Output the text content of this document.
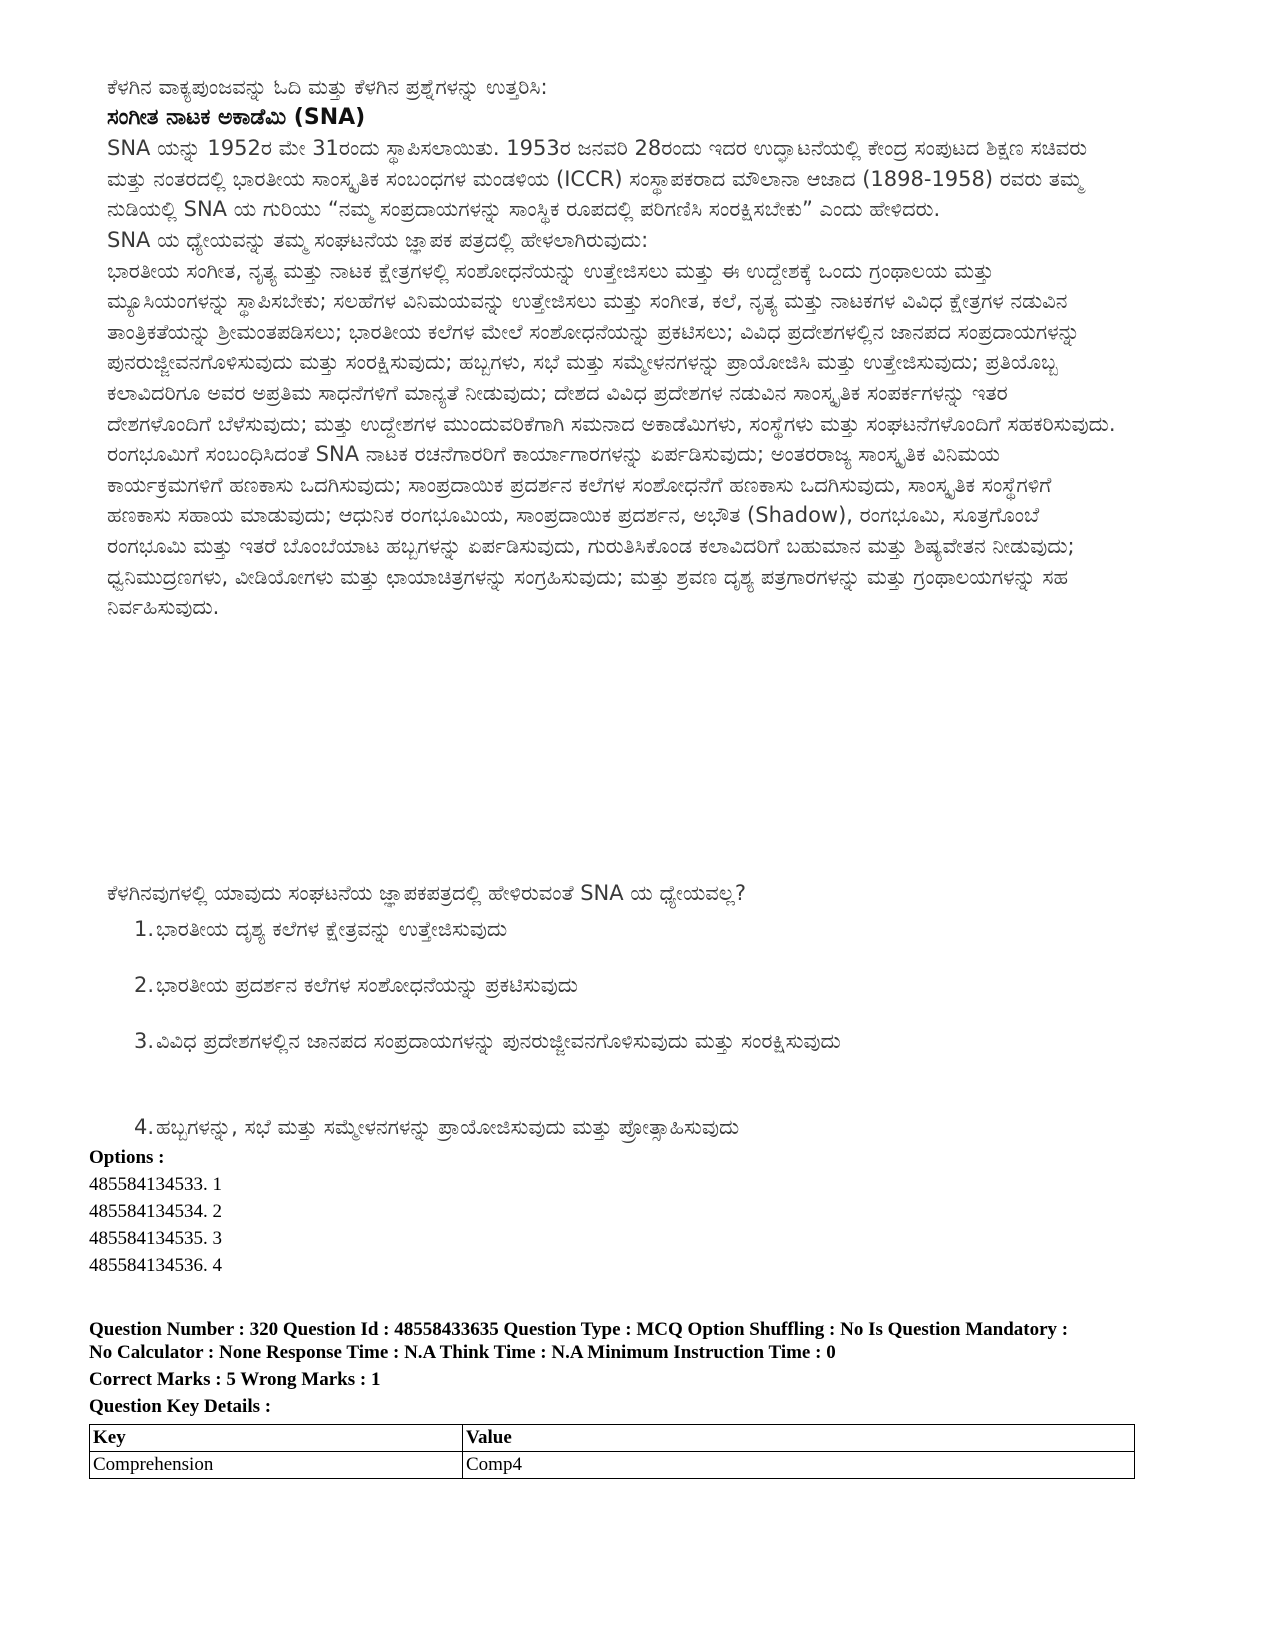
ಕೆಳಗಿನ ವಾಕ್ಯಪುಂಜವನ್ನು ಓದಿ ಮತ್ತು ಕೆಳಗಿನ ಪ್ರಶ್ನೆಗಳನ್ನು ಉತ್ತರಿಸಿ:

ಸಂಗೀತ ನಾಟಕ ಅಕಾಡೆಮಿ (SNA)

SNA ಯನ್ನು 1952ರ ಮೇ 31ರಂದು ಸ್ಥಾಪಿಸಲಾಯಿತು. 1953ರ ಜನವರಿ 28ರಂದು ಇದರ ಉದ್ಘಾಟನೆಯಲ್ಲಿ ಕೇಂದ್ರ ಸಂಪುಟದ ಶಿಕ್ಷಣ ಸಚಿವರು ಮತ್ತು ನಂತರದಲ್ಲಿ ಭಾರತೀಯ ಸಾಂಸ್ಕೃತಿಕ ಸಂಬಂಧಗಳ ಮಂಡಳಿಯ (ICCR) ಸಂಸ್ಥಾಪಕರಾದ ಮೌಲಾನಾ ಆಜಾದ (1898-1958) ರವರು ತಮ್ಮ ನುಡಿಯಲ್ಲಿ SNA ಯ ಗುರಿಯು “ನಮ್ಮ ಸಂಪ್ರದಾಯಗಳನ್ನು ಸಾಂಸ್ಥಿಕ ರೂಪದಲ್ಲಿ ಪರಿಗಣಿಸಿ ಸಂರಕ್ಷಿಸಬೇಕು” ಎಂದು ಹೇಳಿದರು.

SNA ಯ ಧ್ಯೇಯವನ್ನು ತಮ್ಮ ಸಂಘಟನೆಯ ಜ್ಞಾಪಕ ಪತ್ರದಲ್ಲಿ ಹೇಳಲಾಗಿರುವುದು:

ಭಾರತೀಯ ಸಂಗೀತ, ನೃತ್ಯ ಮತ್ತು ನಾಟಕ ಕ್ಷೇತ್ರಗಳಲ್ಲಿ ಸಂಶೋಧನೆಯನ್ನು ಉತ್ತೇಜಿಸಲು ಮತ್ತು ಈ ಉದ್ದೇಶಕ್ಕೆ ಒಂದು ಗ್ರಂಥಾಲಯ ಮತ್ತು ಮ್ಯೂಸಿಯಂಗಳನ್ನು ಸ್ಥಾಪಿಸಬೇಕು; ಸಲಹೆಗಳ ವಿನಿಮಯವನ್ನು ಉತ್ತೇಜಿಸಲು ಮತ್ತು ಸಂಗೀತ, ಕಲೆ, ನೃತ್ಯ ಮತ್ತು ನಾಟಕಗಳ ವಿವಿಧ ಕ್ಷೇತ್ರಗಳ ನಡುವಿನ ತಾಂತ್ರಿಕತೆಯನ್ನು ಶ್ರೀಮಂತಪಡಿಸಲು; ಭಾರತೀಯ ಕಲೆಗಳ ಮೇಲೆ ಸಂಶೋಧನೆಯನ್ನು ಪ್ರಕಟಿಸಲು; ವಿವಿಧ ಪ್ರದೇಶಗಳಲ್ಲಿನ ಜಾನಪದ ಸಂಪ್ರದಾಯಗಳನ್ನು ಪುನರುಜ್ಜೀವನಗೊಳಿಸುವುದು ಮತ್ತು ಸಂರಕ್ಷಿಸುವುದು; ಹಬ್ಬಗಳು, ಸಭೆ ಮತ್ತು ಸಮ್ಮೇಳನಗಳನ್ನು ಪ್ರಾಯೋಜಿಸಿ ಮತ್ತು ಉತ್ತೇಜಿಸುವುದು; ಪ್ರತಿಯೊಬ್ಬ ಕಲಾವಿದರಿಗೂ ಅವರ ಅಪ್ರತಿಮ ಸಾಧನೆಗಳಿಗೆ ಮಾನ್ಯತೆ ನೀಡುವುದು; ದೇಶದ ವಿವಿಧ ಪ್ರದೇಶಗಳ ನಡುವಿನ ಸಾಂಸ್ಕೃತಿಕ ಸಂಪರ್ಕಗಳನ್ನು ಇತರ ದೇಶಗಳೊಂದಿಗೆ ಬೆಳೆಸುವುದು; ಮತ್ತು ಉದ್ದೇಶಗಳ ಮುಂದುವರಿಕೆಗಾಗಿ ಸಮನಾದ ಅಕಾಡೆಮಿಗಳು, ಸಂಸ್ಥೆಗಳು ಮತ್ತು ಸಂಘಟನೆಗಳೊಂದಿಗೆ ಸಹಕರಿಸುವುದು.

ರಂಗಭೂಮಿಗೆ ಸಂಬಂಧಿಸಿದಂತೆ SNA ನಾಟಕ ರಚನೆಗಾರರಿಗೆ ಕಾರ್ಯಾಗಾರಗಳನ್ನು ಏರ್ಪಡಿಸುವುದು; ಅಂತರರಾಜ್ಯ ಸಾಂಸ್ಕೃತಿಕ ವಿನಿಮಯ ಕಾರ್ಯಕ್ರಮಗಳಿಗೆ ಹಣಕಾಸು ಒದಗಿಸುವುದು; ಸಾಂಪ್ರದಾಯಿಕ ಪ್ರದರ್ಶನ ಕಲೆಗಳ ಸಂಶೋಧನೆಗೆ ಹಣಕಾಸು ಒದಗಿಸುವುದು, ಸಾಂಸ್ಕೃತಿಕ ಸಂಸ್ಥೆಗಳಿಗೆ ಹಣಕಾಸು ಸಹಾಯ ಮಾಡುವುದು; ಆಧುನಿಕ ರಂಗಭೂಮಿಯ, ಸಾಂಪ್ರದಾಯಿಕ ಪ್ರದರ್ಶನ, ಅಭೌತ (Shadow), ರಂಗಭೂಮಿ, ಸೂತ್ರಗೊಂಬೆ ರಂಗಭೂಮಿ ಮತ್ತು ಇತರೆ ಬೊಂಬೆಯಾಟ ಹಬ್ಬಗಳನ್ನು ಏರ್ಪಡಿಸುವುದು, ಗುರುತಿಸಿಕೊಂಡ ಕಲಾವಿದರಿಗೆ ಬಹುಮಾನ ಮತ್ತು ಶಿಷ್ಯವೇತನ ನೀಡುವುದು; ಧ್ವನಿಮುದ್ರಣಗಳು, ವೀಡಿಯೋಗಳು ಮತ್ತು ಛಾಯಾಚಿತ್ರಗಳನ್ನು ಸಂಗ್ರಹಿಸುವುದು; ಮತ್ತು ಶ್ರವಣ ದೃಶ್ಯ ಪತ್ರಗಾರಗಳನ್ನು ಮತ್ತು ಗ್ರಂಥಾಲಯಗಳನ್ನು ಸಹ ನಿರ್ವಹಿಸುವುದು.

ಕೆಳಗಿನವುಗಳಲ್ಲಿ ಯಾವುದು ಸಂಘಟನೆಯ ಜ್ಞಾಪಕಪತ್ರದಲ್ಲಿ ಹೇಳಿರುವಂತೆ SNA ಯ ಧ್ಯೇಯವಲ್ಲ?

1. ಭಾರತೀಯ ದೃಶ್ಯ ಕಲೆಗಳ ಕ್ಷೇತ್ರವನ್ನು ಉತ್ತೇಜಿಸುವುದು
2. ಭಾರತೀಯ ಪ್ರದರ್ಶನ ಕಲೆಗಳ ಸಂಶೋಧನೆಯನ್ನು ಪ್ರಕಟಿಸುವುದು
3. ವಿವಿಧ ಪ್ರದೇಶಗಳಲ್ಲಿನ ಜಾನಪದ ಸಂಪ್ರದಾಯಗಳನ್ನು ಪುನರುಜ್ಜೀವನಗೊಳಿಸುವುದು ಮತ್ತು ಸಂರಕ್ಷಿಸುವುದು
4. ಹಬ್ಬಗಳನ್ನು, ಸಭೆ ಮತ್ತು ಸಮ್ಮೇಳನಗಳನ್ನು ಪ್ರಾಯೋಜಿಸುವುದು ಮತ್ತು ಪ್ರೋತ್ಸಾಹಿಸುವುದು
Options :
485584134533. 1
485584134534. 2
485584134535. 3
485584134536. 4
Question Number : 320 Question Id : 48558433635 Question Type : MCQ Option Shuffling : No Is Question Mandatory :
No Calculator : None Response Time : N.A Think Time : N.A Minimum Instruction Time : 0
Correct Marks : 5 Wrong Marks : 1
Question Key Details :
Key	Value
Comprehension	Comp4
